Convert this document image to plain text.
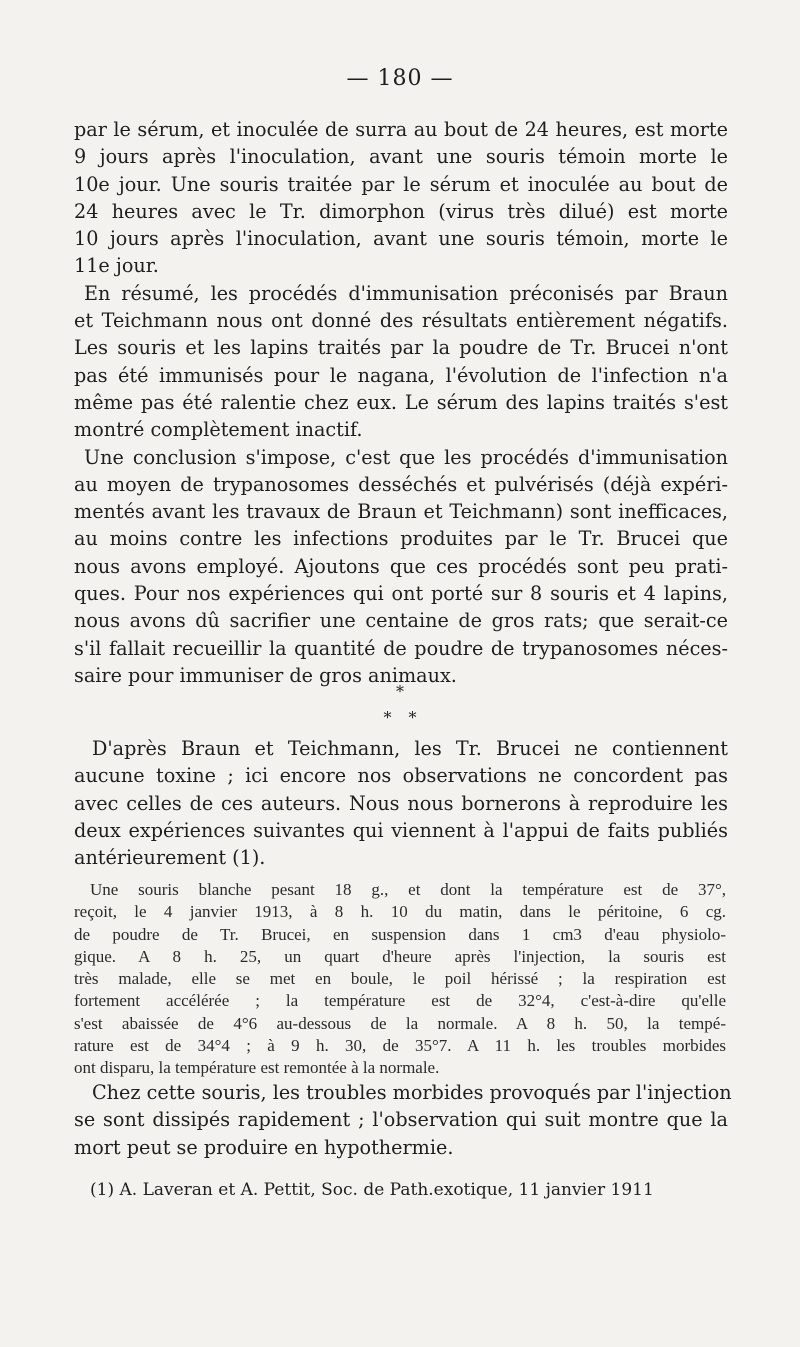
— 180 —
par le sérum, et inoculée de surra au bout de 24 heures, est morte
9 jours après l'inoculation, avant une souris témoin morte le
10e jour. Une souris traitée par le sérum et inoculée au bout de
24 heures avec le Tr. dimorphon (virus très dilué) est morte
10 jours après l'inoculation, avant une souris témoin, morte le
11e jour.
En résumé, les procédés d'immunisation préconisés par Braun
et Teichmann nous ont donné des résultats entièrement négatifs.
Les souris et les lapins traités par la poudre de Tr. Brucei n'ont
pas été immunisés pour le nagana, l'évolution de l'infection n'a
même pas été ralentie chez eux. Le sérum des lapins traités s'est
montré complètement inactif.
Une conclusion s'impose, c'est que les procédés d'immunisation
au moyen de trypanosomes desséchés et pulvérisés (déjà expéri-
mentés avant les travaux de Braun et Teichmann) sont inefficaces,
au moins contre les infections produites par le Tr. Brucei que
nous avons employé. Ajoutons que ces procédés sont peu prati-
ques. Pour nos expériences qui ont porté sur 8 souris et 4 lapins,
nous avons dû sacrifier une centaine de gros rats; que serait-ce
s'il fallait recueillir la quantité de poudre de trypanosomes néces-
saire pour immuniser de gros animaux.
*
* *
D'après Braun et Teichmann, les Tr. Brucei ne contiennent
aucune toxine ; ici encore nos observations ne concordent pas
avec celles de ces auteurs. Nous nous bornerons à reproduire les
deux expériences suivantes qui viennent à l'appui de faits publiés
antérieurement (1).
Une souris blanche pesant 18 g., et dont la température est de 37°,
reçoit, le 4 janvier 1913, à 8 h. 10 du matin, dans le péritoine, 6 cg.
de poudre de Tr. Brucei, en suspension dans 1 cm3 d'eau physiolo-
gique. A 8 h. 25, un quart d'heure après l'injection, la souris est
très malade, elle se met en boule, le poil hérissé ; la respiration est
fortement accélérée ; la température est de 32°4, c'est-à-dire qu'elle
s'est abaissée de 4°6 au-dessous de la normale. A 8 h. 50, la tempé-
rature est de 34°4 ; à 9 h. 30, de 35°7. A 11 h. les troubles morbides
ont disparu, la température est remontée à la normale.
Chez cette souris, les troubles morbides provoqués par l'injection
se sont dissipés rapidement ; l'observation qui suit montre que la
mort peut se produire en hypothermie.
(1) A. Laveran et A. Pettit, Soc. de Path.exotique, 11 janvier 1911
